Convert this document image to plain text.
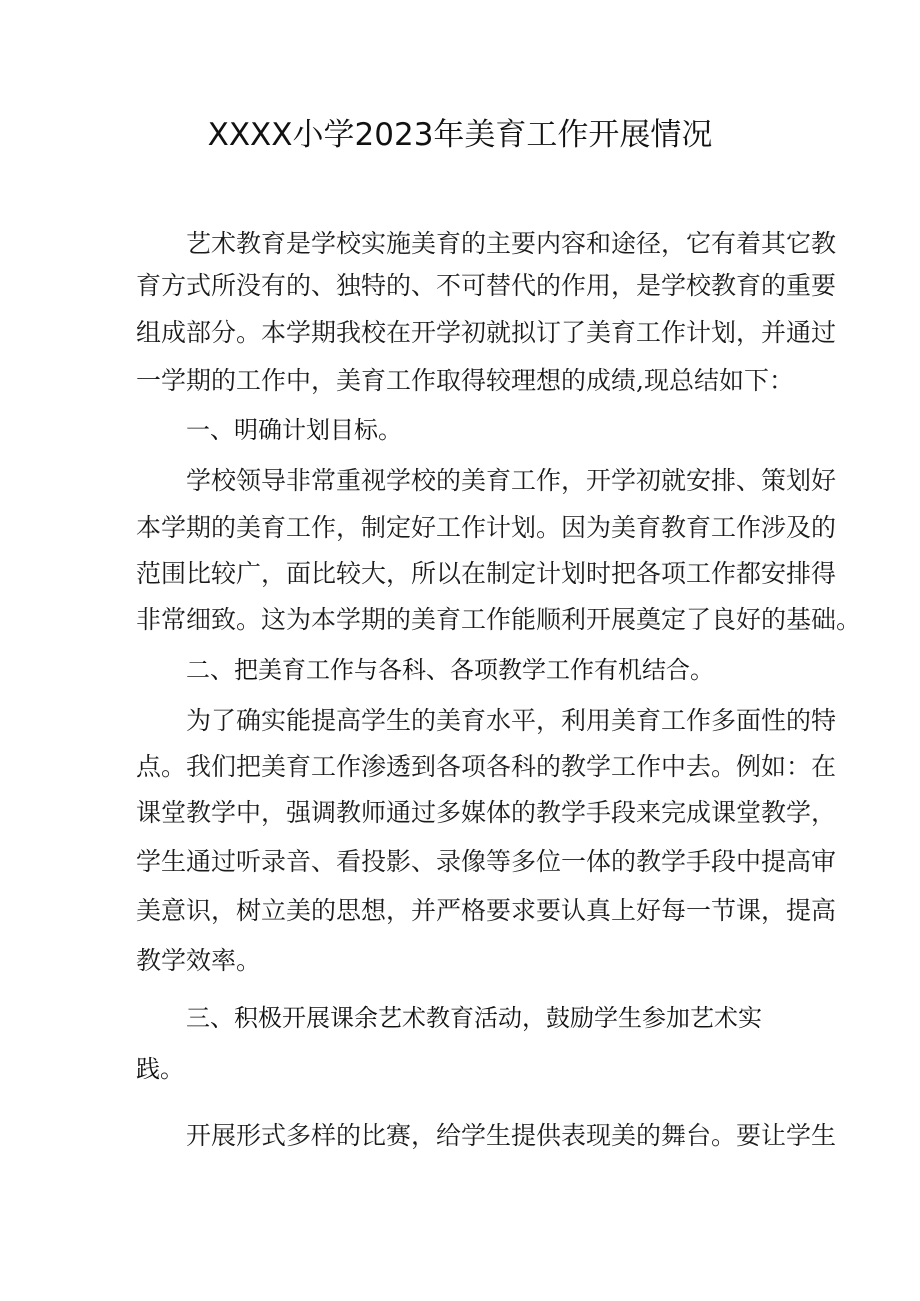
XXXX小学2023年美育工作开展情况
艺术教育是学校实施美育的主要内容和途径，它有着其它教
育方式所没有的、独特的、不可替代的作用，是学校教育的重要
组成部分。本学期我校在开学初就拟订了美育工作计划，并通过
一学期的工作中，美育工作取得较理想的成绩,现总结如下：
一、明确计划目标。
学校领导非常重视学校的美育工作，开学初就安排、策划好
本学期的美育工作，制定好工作计划。因为美育教育工作涉及的
范围比较广，面比较大，所以在制定计划时把各项工作都安排得
非常细致。这为本学期的美育工作能顺利开展奠定了良好的基础。
二、把美育工作与各科、各项教学工作有机结合。
为了确实能提高学生的美育水平，利用美育工作多面性的特
点。我们把美育工作渗透到各项各科的教学工作中去。例如：在
课堂教学中，强调教师通过多媒体的教学手段来完成课堂教学，
学生通过听录音、看投影、录像等多位一体的教学手段中提高审
美意识，树立美的思想，并严格要求要认真上好每一节课，提高
教学效率。
三、积极开展课余艺术教育活动，鼓励学生参加艺术实
践。
开展形式多样的比赛，给学生提供表现美的舞台。要让学生
